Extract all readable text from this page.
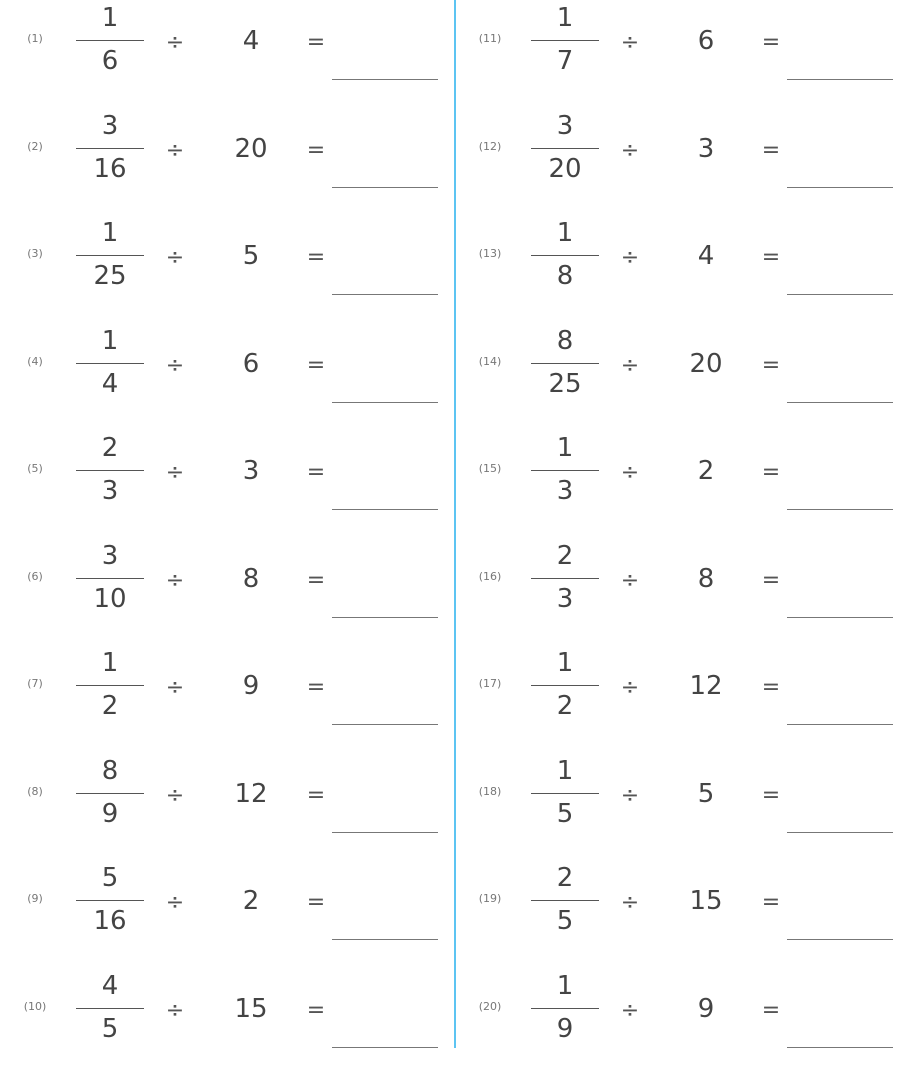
(1)
1
6
÷	4	=
(2)
3
16
÷	20	=
(3)
1
25
÷	5	=
(4)
1
4
÷	6	=
(5)
2
3
÷	3	=
(6)
3
10
÷	8	=
(7)
1
2
÷	9	=
(8)
8
9
÷	12	=
(9)
5
16
÷	2	=
(10)
4
5
÷	15	=
(11)
1
7
÷	6	=
(12)
3
20
÷	3	=
(13)
1
8
÷	4	=
(14)
8
25
÷	20	=
(15)
1
3
÷	2	=
(16)
2
3
÷	8	=
(17)
1
2
÷	12	=
(18)
1
5
÷	5	=
(19)
2
5
÷	15	=
(20)
1
9
÷	9	=
